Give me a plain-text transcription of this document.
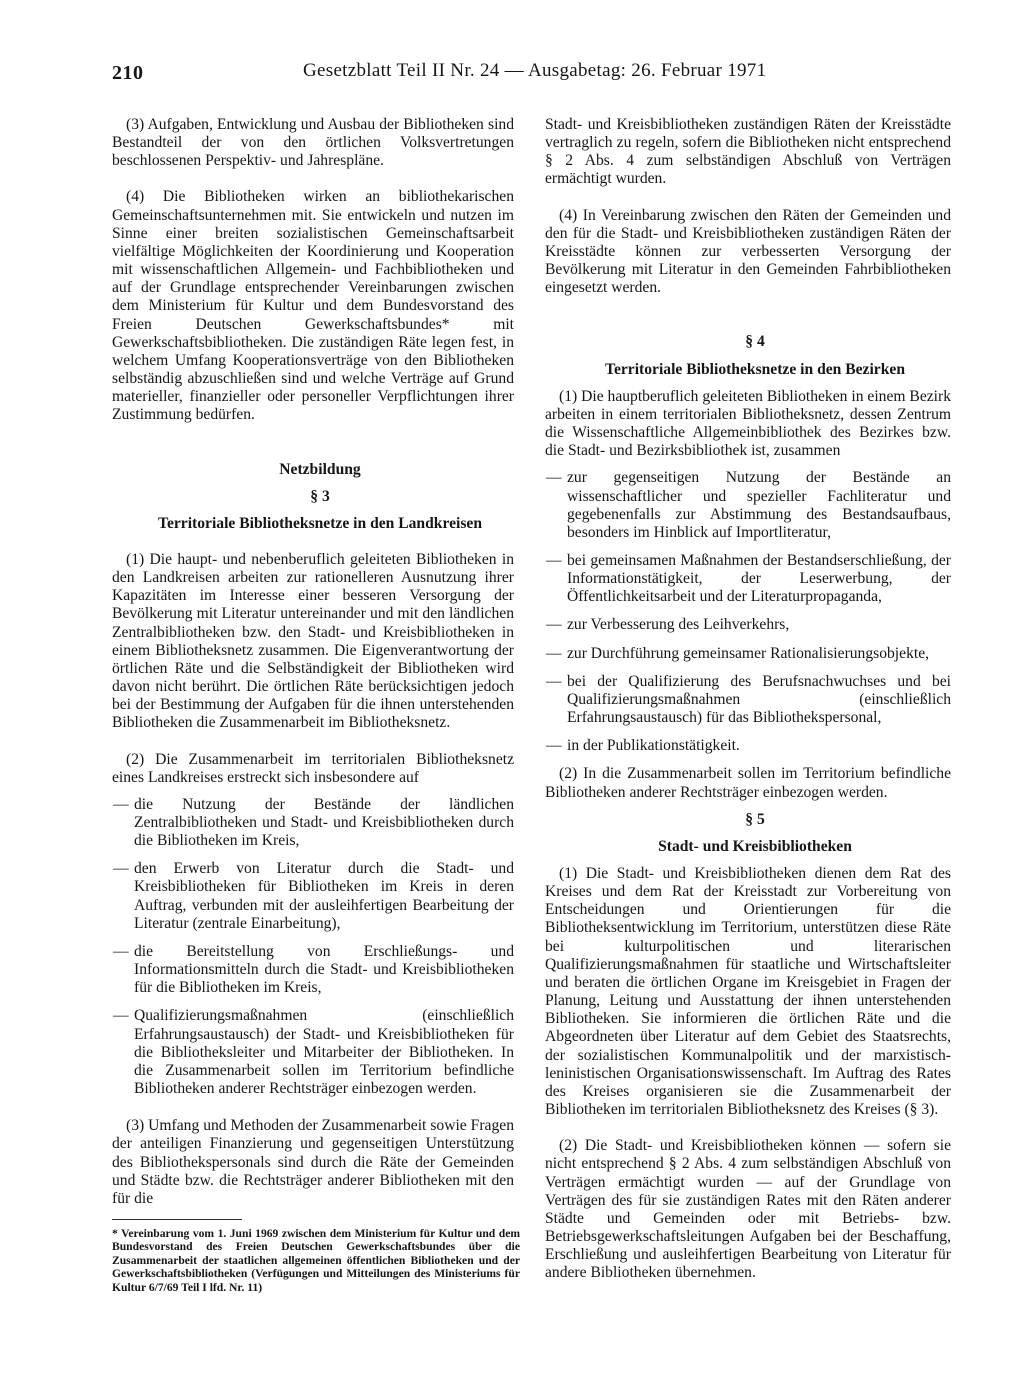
210	Gesetzblatt Teil II Nr. 24 — Ausgabetag: 26. Februar 1971

(3) Aufgaben, Entwicklung und Ausbau der Bibliotheken sind Bestandteil der von den örtlichen Volksvertretungen beschlossenen Perspektiv- und Jahrespläne.

(4) Die Bibliotheken wirken an bibliothekarischen Gemeinschaftsunternehmen mit. Sie entwickeln und nutzen im Sinne einer breiten sozialistischen Gemeinschaftsarbeit vielfältige Möglichkeiten der Koordinierung und Kooperation mit wissenschaftlichen Allgemein- und Fachbibliotheken und auf der Grundlage entsprechender Vereinbarungen zwischen dem Ministerium für Kultur und dem Bundesvorstand des Freien Deutschen Gewerkschaftsbundes* mit Gewerkschaftsbibliotheken. Die zuständigen Räte legen fest, in welchem Umfang Kooperationsverträge von den Bibliotheken selbständig abzuschließen sind und welche Verträge auf Grund materieller, finanzieller oder personeller Verpflichtungen ihrer Zustimmung bedürfen.

Netzbildung

§ 3

Territoriale Bibliotheksnetze in den Landkreisen

(1) Die haupt- und nebenberuflich geleiteten Bibliotheken in den Landkreisen arbeiten zur rationelleren Ausnutzung ihrer Kapazitäten im Interesse einer besseren Versorgung der Bevölkerung mit Literatur untereinander und mit den ländlichen Zentralbibliotheken bzw. den Stadt- und Kreisbibliotheken in einem Bibliotheksnetz zusammen. Die Eigenverantwortung der örtlichen Räte und die Selbständigkeit der Bibliotheken wird davon nicht berührt. Die örtlichen Räte berücksichtigen jedoch bei der Bestimmung der Aufgaben für die ihnen unterstehenden Bibliotheken die Zusammenarbeit im Bibliotheksnetz.

(2) Die Zusammenarbeit im territorialen Bibliotheksnetz eines Landkreises erstreckt sich insbesondere auf

— die Nutzung der Bestände der ländlichen Zentralbibliotheken und Stadt- und Kreisbibliotheken durch die Bibliotheken im Kreis,
— den Erwerb von Literatur durch die Stadt- und Kreisbibliotheken für Bibliotheken im Kreis in deren Auftrag, verbunden mit der ausleihfertigen Bearbeitung der Literatur (zentrale Einarbeitung),
— die Bereitstellung von Erschließungs- und Informationsmitteln durch die Stadt- und Kreisbibliotheken für die Bibliotheken im Kreis,
— Qualifizierungsmaßnahmen (einschließlich Erfahrungsaustausch) der Stadt- und Kreisbibliotheken für die Bibliotheksleiter und Mitarbeiter der Bibliotheken. In die Zusammenarbeit sollen im Territorium befindliche Bibliotheken anderer Rechtsträger einbezogen werden.

(3) Umfang und Methoden der Zusammenarbeit sowie Fragen der anteiligen Finanzierung und gegenseitigen Unterstützung des Bibliothekspersonals sind durch die Räte der Gemeinden und Städte bzw. die Rechtsträger anderer Bibliotheken mit den für die

* Vereinbarung vom 1. Juni 1969 zwischen dem Ministerium für Kultur und dem Bundesvorstand des Freien Deutschen Gewerkschaftsbundes über die Zusammenarbeit der staatlichen allgemeinen öffentlichen Bibliotheken und der Gewerkschaftsbibliotheken (Verfügungen und Mitteilungen des Ministeriums für Kultur 6/7/69 Teil I lfd. Nr. 11)

Stadt- und Kreisbibliotheken zuständigen Räten der Kreisstädte vertraglich zu regeln, sofern die Bibliotheken nicht entsprechend § 2 Abs. 4 zum selbständigen Abschluß von Verträgen ermächtigt wurden.

(4) In Vereinbarung zwischen den Räten der Gemeinden und den für die Stadt- und Kreisbibliotheken zuständigen Räten der Kreisstädte können zur verbesserten Versorgung der Bevölkerung mit Literatur in den Gemeinden Fahrbibliotheken eingesetzt werden.

§ 4

Territoriale Bibliotheksnetze in den Bezirken

(1) Die hauptberuflich geleiteten Bibliotheken in einem Bezirk arbeiten in einem territorialen Bibliotheksnetz, dessen Zentrum die Wissenschaftliche Allgemeinbibliothek des Bezirkes bzw. die Stadt- und Bezirksbibliothek ist, zusammen

— zur gegenseitigen Nutzung der Bestände an wissenschaftlicher und spezieller Fachliteratur und gegebenenfalls zur Abstimmung des Bestandsaufbaus, besonders im Hinblick auf Importliteratur,
— bei gemeinsamen Maßnahmen der Bestandserschließung, der Informationstätigkeit, der Leserwerbung, der Öffentlichkeitsarbeit und der Literaturpropaganda,
— zur Verbesserung des Leihverkehrs,
— zur Durchführung gemeinsamer Rationalisierungsobjekte,
— bei der Qualifizierung des Berufsnachwuchses und bei Qualifizierungsmaßnahmen (einschließlich Erfahrungsaustausch) für das Bibliothekspersonal,
— in der Publikationstätigkeit.

(2) In die Zusammenarbeit sollen im Territorium befindliche Bibliotheken anderer Rechtsträger einbezogen werden.

§ 5

Stadt- und Kreisbibliotheken

(1) Die Stadt- und Kreisbibliotheken dienen dem Rat des Kreises und dem Rat der Kreisstadt zur Vorbereitung von Entscheidungen und Orientierungen für die Bibliotheksentwicklung im Territorium, unterstützen diese Räte bei kulturpolitischen und literarischen Qualifizierungsmaßnahmen für staatliche und Wirtschaftsleiter und beraten die örtlichen Organe im Kreisgebiet in Fragen der Planung, Leitung und Ausstattung der ihnen unterstehenden Bibliotheken. Sie informieren die örtlichen Räte und die Abgeordneten über Literatur auf dem Gebiet des Staatsrechts, der sozialistischen Kommunalpolitik und der marxistisch-leninistischen Organisationswissenschaft. Im Auftrag des Rates des Kreises organisieren sie die Zusammenarbeit der Bibliotheken im territorialen Bibliotheksnetz des Kreises (§ 3).

(2) Die Stadt- und Kreisbibliotheken können — sofern sie nicht entsprechend § 2 Abs. 4 zum selbständigen Abschluß von Verträgen ermächtigt wurden — auf der Grundlage von Verträgen des für sie zuständigen Rates mit den Räten anderer Städte und Gemeinden oder mit Betriebs- bzw. Betriebsgewerkschaftsleitungen Aufgaben bei der Beschaffung, Erschließung und ausleihfertigen Bearbeitung von Literatur für andere Bibliotheken übernehmen.
